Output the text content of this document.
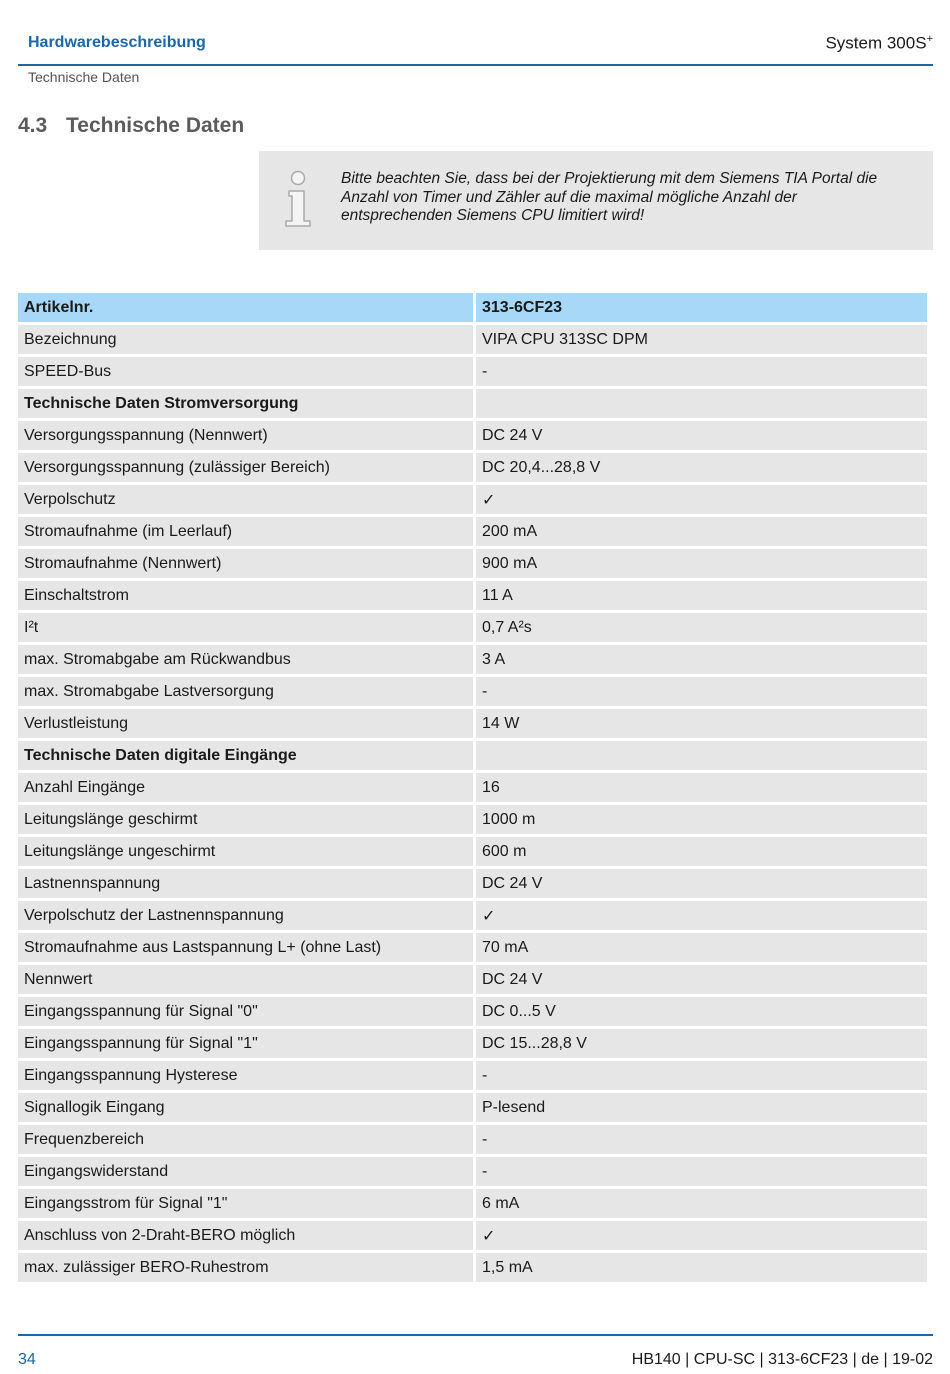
Hardwarebeschreibung	System 300S+
Technische Daten
4.3 Technische Daten
Bitte beachten Sie, dass bei der Projektierung mit dem Siemens TIA Portal die Anzahl von Timer und Zähler auf die maximal mögliche Anzahl der entsprechenden Siemens CPU limitiert wird!
Artikelnr.	313-6CF23
Bezeichnung	VIPA CPU 313SC DPM
SPEED-Bus	-
Technische Daten Stromversorgung	
Versorgungsspannung (Nennwert)	DC 24 V
Versorgungsspannung (zulässiger Bereich)	DC 20,4...28,8 V
Verpolschutz	✓
Stromaufnahme (im Leerlauf)	200 mA
Stromaufnahme (Nennwert)	900 mA
Einschaltstrom	11 A
I²t	0,7 A²s
max. Stromabgabe am Rückwandbus	3 A
max. Stromabgabe Lastversorgung	-
Verlustleistung	14 W
Technische Daten digitale Eingänge	
Anzahl Eingänge	16
Leitungslänge geschirmt	1000 m
Leitungslänge ungeschirmt	600 m
Lastnennspannung	DC 24 V
Verpolschutz der Lastnennspannung	✓
Stromaufnahme aus Lastspannung L+ (ohne Last)	70 mA
Nennwert	DC 24 V
Eingangsspannung für Signal "0"	DC 0...5 V
Eingangsspannung für Signal "1"	DC 15...28,8 V
Eingangsspannung Hysterese	-
Signallogik Eingang	P-lesend
Frequenzbereich	-
Eingangswiderstand	-
Eingangsstrom für Signal "1"	6 mA
Anschluss von 2-Draht-BERO möglich	✓
max. zulässiger BERO-Ruhestrom	1,5 mA
34	HB140 | CPU-SC | 313-6CF23 | de | 19-02
